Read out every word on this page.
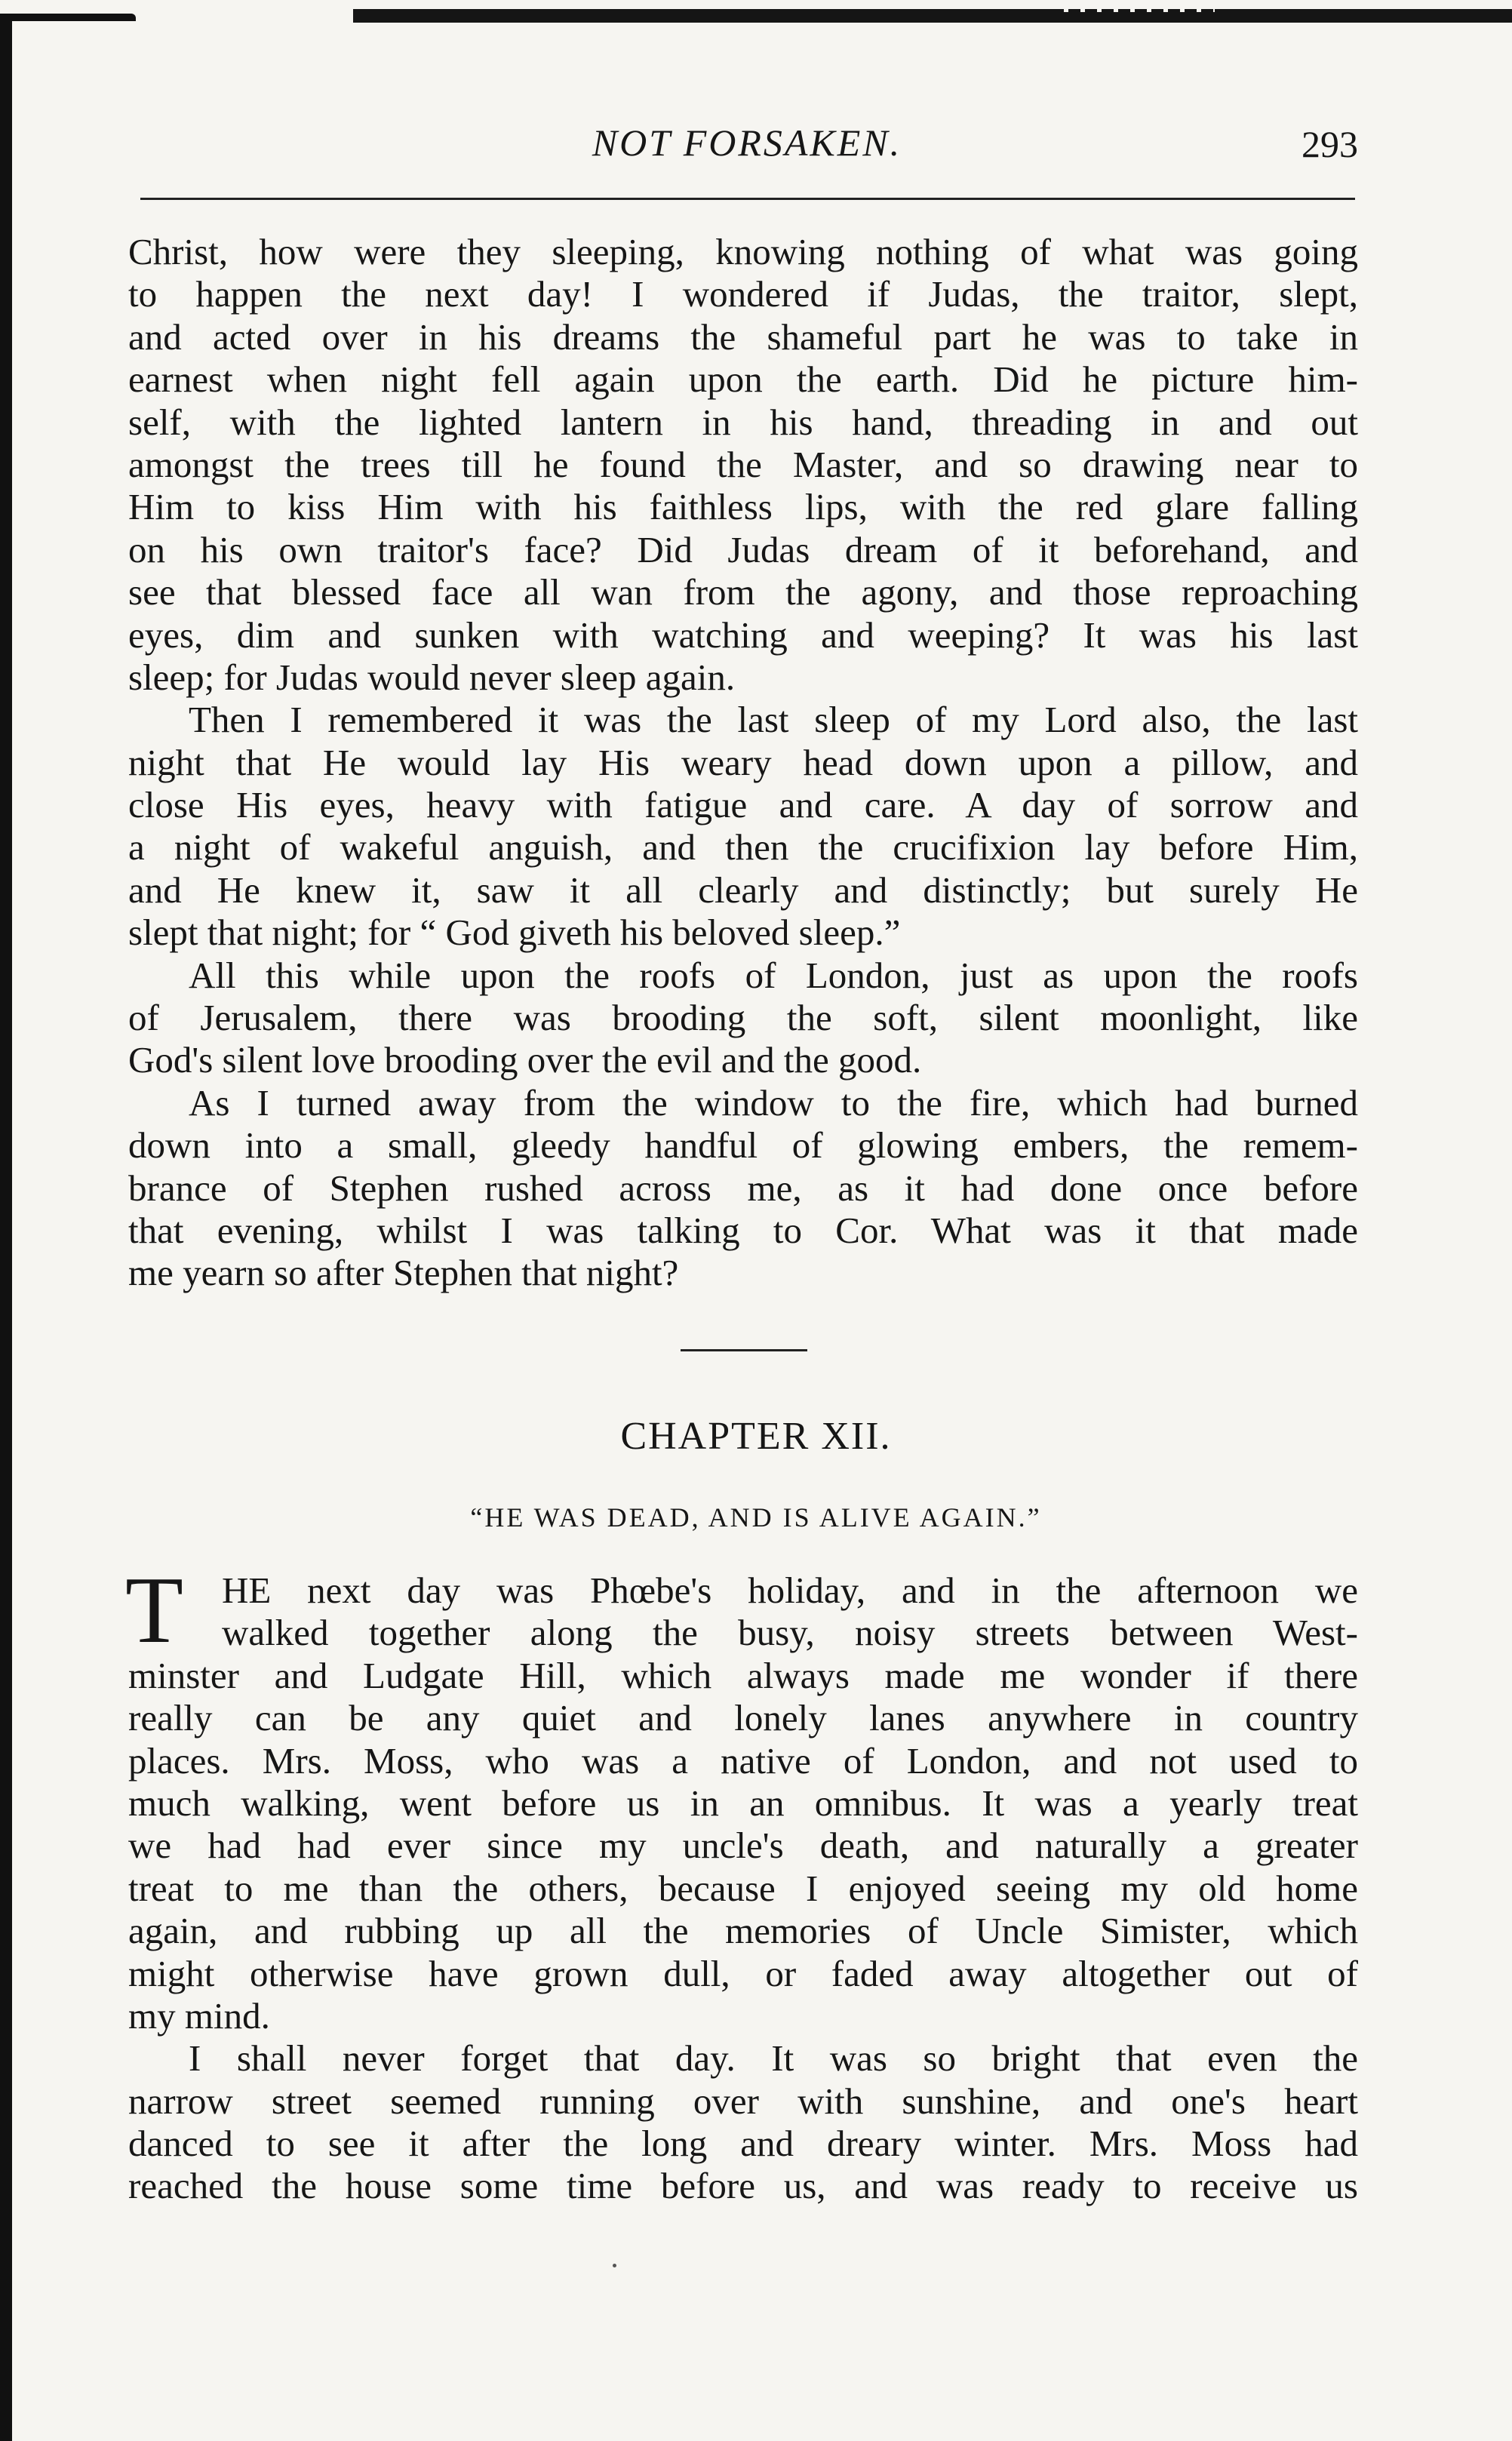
NOT FORSAKEN.	293
Christ, how were they sleeping, knowing nothing of what was going
to happen the next day! I wondered if Judas, the traitor, slept,
and acted over in his dreams the shameful part he was to take in
earnest when night fell again upon the earth. Did he picture him-
self, with the lighted lantern in his hand, threading in and out
amongst the trees till he found the Master, and so drawing near to
Him to kiss Him with his faithless lips, with the red glare falling
on his own traitor's face? Did Judas dream of it beforehand, and
see that blessed face all wan from the agony, and those reproaching
eyes, dim and sunken with watching and weeping? It was his last
sleep; for Judas would never sleep again.
Then I remembered it was the last sleep of my Lord also, the last
night that He would lay His weary head down upon a pillow, and
close His eyes, heavy with fatigue and care. A day of sorrow and
a night of wakeful anguish, and then the crucifixion lay before Him,
and He knew it, saw it all clearly and distinctly; but surely He
slept that night; for “ God giveth his beloved sleep.”
All this while upon the roofs of London, just as upon the roofs
of Jerusalem, there was brooding the soft, silent moonlight, like
God's silent love brooding over the evil and the good.
As I turned away from the window to the fire, which had burned
down into a small, gleedy handful of glowing embers, the remem-
brance of Stephen rushed across me, as it had done once before
that evening, whilst I was talking to Cor. What was it that made
me yearn so after Stephen that night?
CHAPTER XII.
“HE WAS DEAD, AND IS ALIVE AGAIN.”
T	HE next day was Phœbe's holiday, and in the afternoon we
walked together along the busy, noisy streets between West-
minster and Ludgate Hill, which always made me wonder if there
really can be any quiet and lonely lanes anywhere in country
places. Mrs. Moss, who was a native of London, and not used to
much walking, went before us in an omnibus. It was a yearly treat
we had had ever since my uncle's death, and naturally a greater
treat to me than the others, because I enjoyed seeing my old home
again, and rubbing up all the memories of Uncle Simister, which
might otherwise have grown dull, or faded away altogether out of
my mind.
I shall never forget that day. It was so bright that even the
narrow street seemed running over with sunshine, and one's heart
danced to see it after the long and dreary winter. Mrs. Moss had
reached the house some time before us, and was ready to receive us
